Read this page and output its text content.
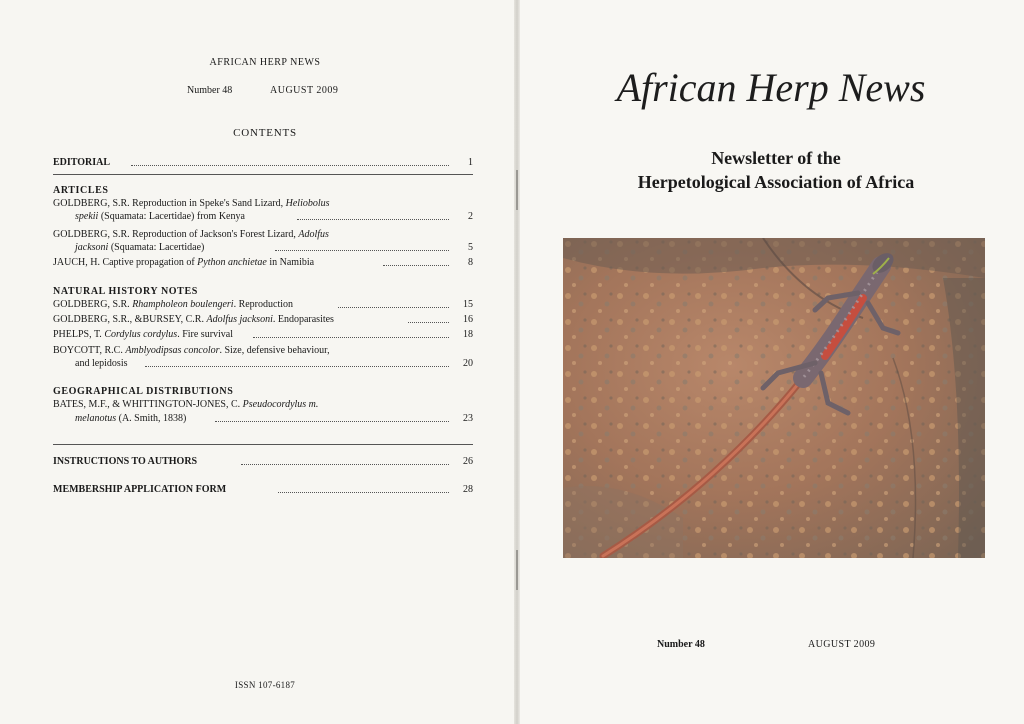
AFRICAN HERP NEWS
Number 48	AUGUST 2009
CONTENTS
EDITORIAL	1
ARTICLES
GOLDBERG, S.R. Reproduction in Speke's Sand Lizard, Heliobolus
spekii (Squamata: Lacertidae) from Kenya	2
GOLDBERG, S.R. Reproduction of Jackson's Forest Lizard, Adolfus
jacksoni (Squamata: Lacertidae)	5
JAUCH, H. Captive propagation of Python anchietae in Namibia	8
NATURAL HISTORY NOTES
GOLDBERG, S.R. Rhampholeon boulengeri. Reproduction	15
GOLDBERG, S.R., &BURSEY, C.R. Adolfus jacksoni. Endoparasites	16
PHELPS, T. Cordylus cordylus. Fire survival	18
BOYCOTT, R.C. Amblyodipsas concolor. Size, defensive behaviour,
and lepidosis	20
GEOGRAPHICAL DISTRIBUTIONS
BATES, M.F., & WHITTINGTON-JONES, C. Pseudocordylus m.
melanotus (A. Smith, 1838)	23
INSTRUCTIONS TO AUTHORS	26
MEMBERSHIP APPLICATION FORM	28
ISSN 107-6187
African Herp News
Newsletter of the
Herpetological Association of Africa
Number 48	AUGUST 2009
